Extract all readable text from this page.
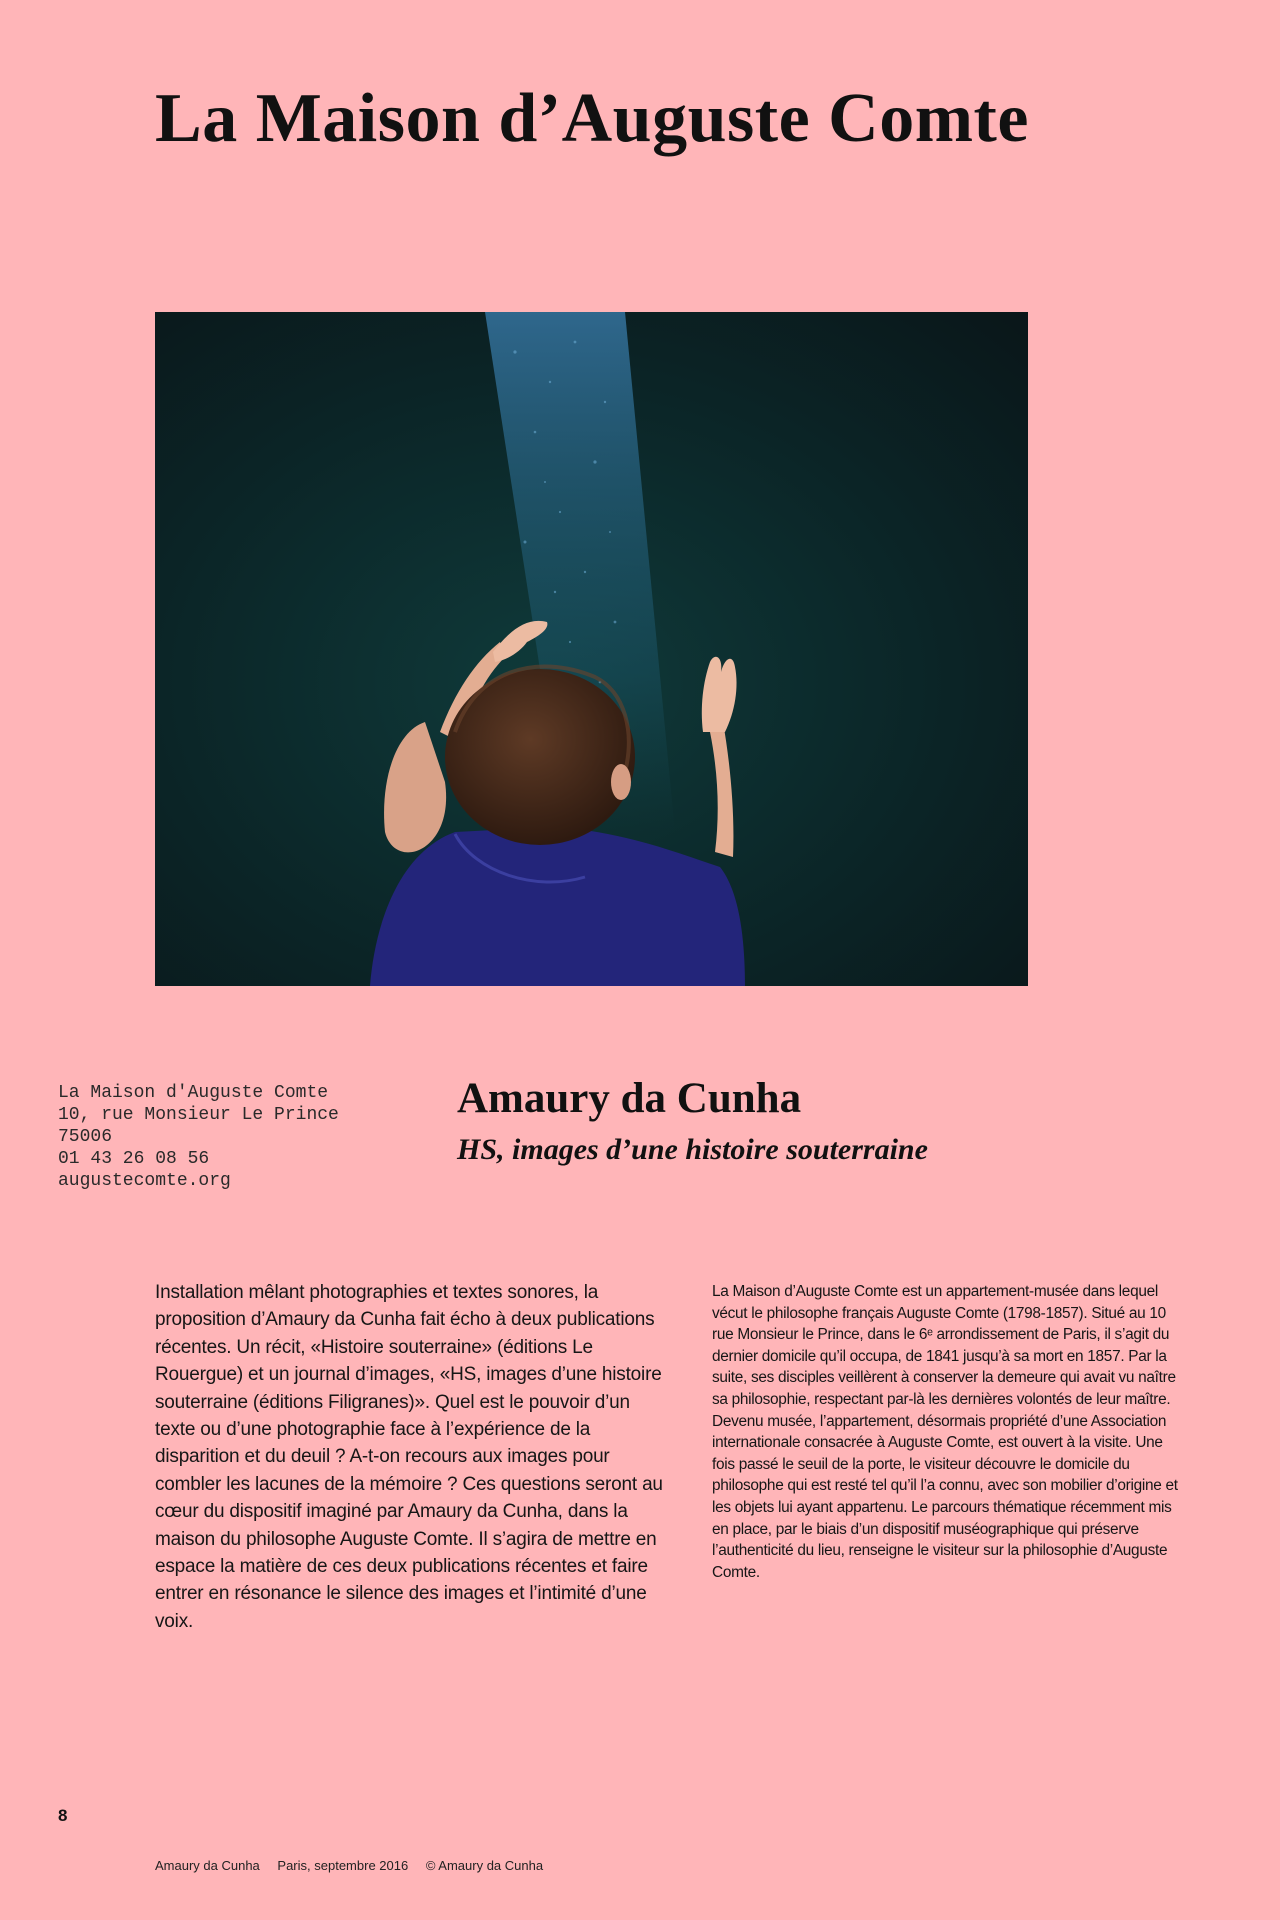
La Maison d’Auguste Comte
La Maison d'Auguste Comte
10, rue Monsieur Le Prince
75006
01 43 26 08 56
augustecomte.org
Amaury da Cunha
HS, images d’une histoire souterraine

Installation mêlant photographies et textes sonores, la proposition d’Amaury da Cunha fait écho à deux publications récentes. Un récit, «Histoire souterraine» (éditions Le Rouergue) et un journal d’images, «HS, images d’une histoire souterraine (éditions Filigranes)». Quel est le pouvoir d’un texte ou d’une photographie face à l’expérience de la disparition et du deuil ? A-t-on recours aux images pour combler les lacunes de la mémoire ? Ces questions seront au cœur du dispositif imaginé par Amaury da Cunha, dans la maison du philosophe Auguste Comte. Il s’agira de mettre en espace la matière de ces deux publications récentes et faire entrer en résonance le silence des images et l’intimité d’une voix.

La Maison d’Auguste Comte est un appartement-musée dans lequel vécut le philosophe français Auguste Comte (1798-1857). Situé au 10 rue Monsieur le Prince, dans le 6ᵉ arrondissement de Paris, il s’agit du dernier domicile qu’il occupa, de 1841 jusqu’à sa mort en 1857. Par la suite, ses disciples veillèrent à conserver la demeure qui avait vu naître sa philosophie, respectant par-là les dernières volontés de leur maître. Devenu musée, l’appartement, désormais propriété d’une Association internationale consacrée à Auguste Comte, est ouvert à la visite. Une fois passé le seuil de la porte, le visiteur découvre le domicile du philosophe qui est resté tel qu’il l’a connu, avec son mobilier d’origine et les objets lui ayant appartenu. Le parcours thématique récemment mis en place, par le biais d’un dispositif muséographique qui préserve l’authenticité du lieu, renseigne le visiteur sur la philosophie d’Auguste Comte.

8
Amaury da Cunha Paris, septembre 2016 © Amaury da Cunha
